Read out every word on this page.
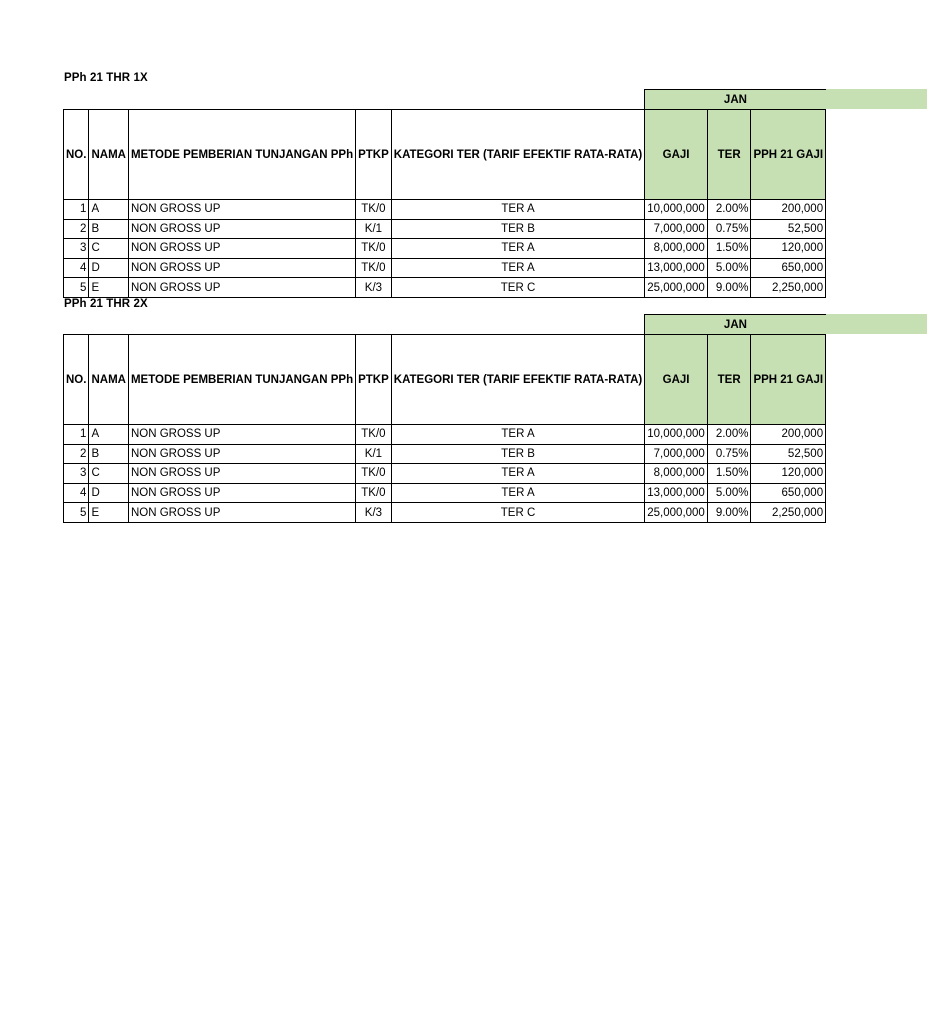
PPh 21 THR 1X
					JAN		

NO.	NAMA	METODE PEMBERIAN TUNJANGAN PPh	PTKP	KATEGORI TER (TARIF EFEKTIF RATA-RATA)	GAJI	TER	PPH 21 GAJI
1	A	NON GROSS UP	TK/0	TER A	10,000,000	2.00%	200,000
2	B	NON GROSS UP	K/1	TER B	7,000,000	0.75%	52,500
3	C	NON GROSS UP	TK/0	TER A	8,000,000	1.50%	120,000
4	D	NON GROSS UP	TK/0	TER A	13,000,000	5.00%	650,000
5	E	NON GROSS UP	K/3	TER C	25,000,000	9.00%	2,250,000
PPh 21 THR 2X
					JAN		

NO.	NAMA	METODE PEMBERIAN TUNJANGAN PPh	PTKP	KATEGORI TER (TARIF EFEKTIF RATA-RATA)	GAJI	TER	PPH 21 GAJI
1	A	NON GROSS UP	TK/0	TER A	10,000,000	2.00%	200,000
2	B	NON GROSS UP	K/1	TER B	7,000,000	0.75%	52,500
3	C	NON GROSS UP	TK/0	TER A	8,000,000	1.50%	120,000
4	D	NON GROSS UP	TK/0	TER A	13,000,000	5.00%	650,000
5	E	NON GROSS UP	K/3	TER C	25,000,000	9.00%	2,250,000
